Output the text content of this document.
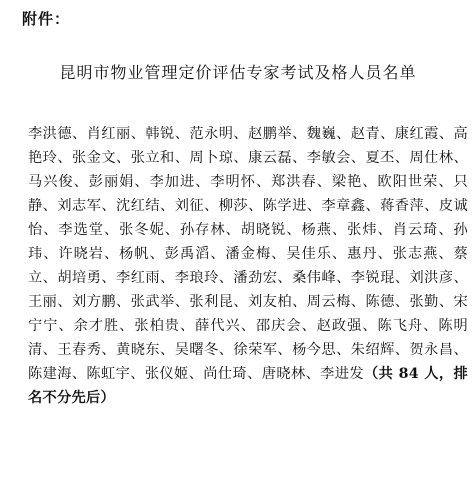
附件：
昆明市物业管理定价评估专家考试及格人员名单
李洪德、肖红丽、韩锐、范永明、赵鹏举、魏巍、赵青、康红霞、高艳玲、张金文、张立和、周卜琼、康云磊、李敏会、夏丕、周仕林、马兴俊、彭丽娟、李加进、李明怀、郑洪春、梁艳、欧阳世荣、只静、刘志军、沈红结、刘征、柳莎、陈学进、李章鑫、蒋香萍、皮诚怡、李选堂、张冬妮、孙存林、胡晓锐、杨燕、张炜、肖云琦、孙玮、许晓岩、杨帆、彭禹滔、潘金梅、吴佳乐、惠丹、张志燕、蔡立、胡培勇、李红雨、李琅玲、潘劲宏、桑伟峰、李锐琨、刘洪彦、王丽、刘方鹏、张武举、张利昆、刘友柏、周云梅、陈德、张勤、宋宁宁、余才胜、张柏贵、薛代兴、邵庆会、赵政强、陈飞舟、陈明清、王春秀、黄晓东、吴曙冬、徐荣军、杨今思、朱绍辉、贺永昌、陈建海、陈虹宇、张仪姬、尚仕琦、唐晓林、李进发（共 84 人，排名不分先后）
